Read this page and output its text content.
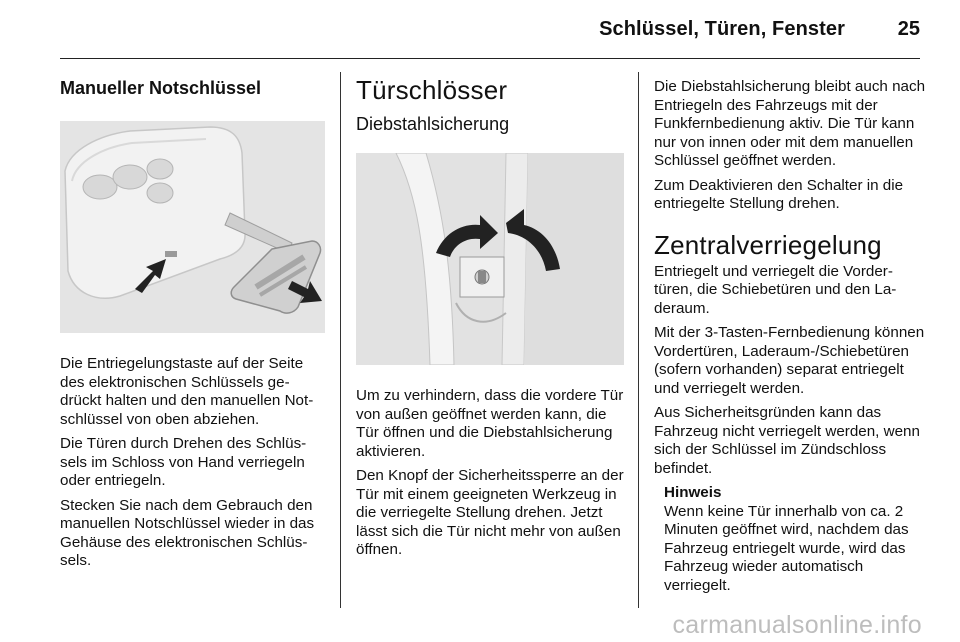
Schlüssel, Türen, Fenster	25
Manueller Notschlüssel

Die Entriegelungstaste auf der Seite des elektronischen Schlüssels gedrückt halten und den manuellen Notschlüssel von oben abziehen.

Die Türen durch Drehen des Schlüssels im Schloss von Hand verriegeln oder entriegeln.

Stecken Sie nach dem Gebrauch den manuellen Notschlüssel wieder in das Gehäuse des elektronischen Schlüssels.

Türschlösser
Diebstahlsicherung

Um zu verhindern, dass die vordere Tür von außen geöffnet werden kann, die Tür öffnen und die Diebstahlsicherung aktivieren.

Den Knopf der Sicherheitssperre an der Tür mit einem geeigneten Werkzeug in die verriegelte Stellung drehen. Jetzt lässt sich die Tür nicht mehr von außen öffnen.

Die Diebstahlsicherung bleibt auch nach Entriegeln des Fahrzeugs mit der Funkfernbedienung aktiv. Die Tür kann nur von innen oder mit dem manuellen Schlüssel geöffnet werden.

Zum Deaktivieren den Schalter in die entriegelte Stellung drehen.

Zentralverriegelung

Entriegelt und verriegelt die Vordertüren, die Schiebetüren und den Laderaum.

Mit der 3-Tasten-Fernbedienung können Vordertüren, Laderaum-/Schiebetüren (sofern vorhanden) separat entriegelt und verriegelt werden.

Aus Sicherheitsgründen kann das Fahrzeug nicht verriegelt werden, wenn sich der Schlüssel im Zündschloss befindet.

Hinweis

Wenn keine Tür innerhalb von ca. 2 Minuten geöffnet wird, nachdem das Fahrzeug entriegelt wurde, wird das Fahrzeug wieder automatisch verriegelt.

carmanualsonline.info
